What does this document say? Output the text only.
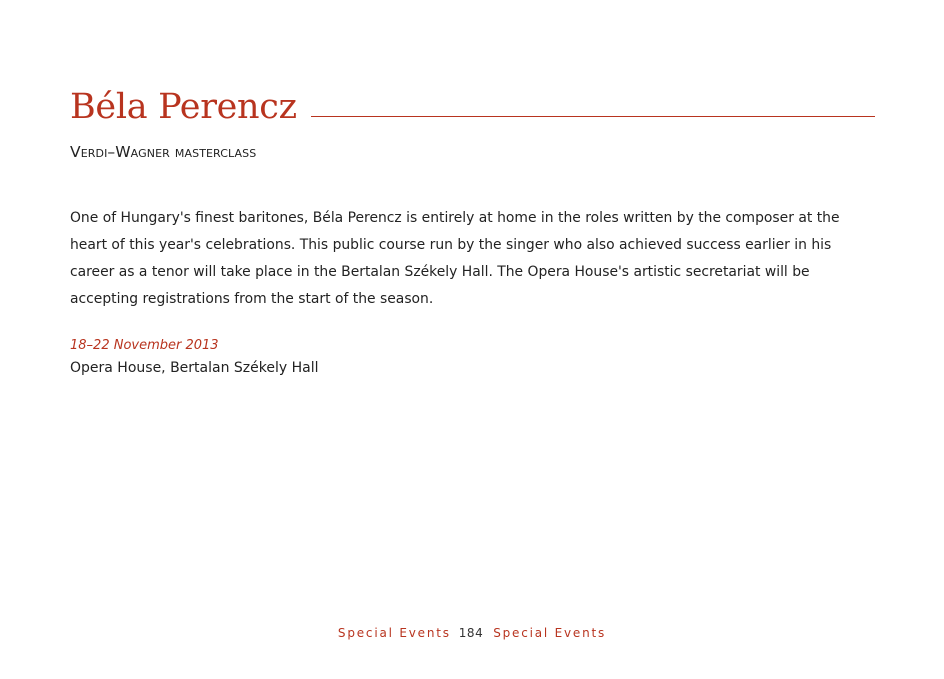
Béla Perencz
Verdi–Wagner masterclass

One of Hungary's finest baritones, Béla Perencz is entirely at home in the roles written by the composer at the heart of this year's celebrations. This public course run by the singer who also achieved success earlier in his career as a tenor will take place in the Bertalan Székely Hall. The Opera House's artistic secretariat will be accepting registrations from the start of the season.

18–22 November 2013
Opera House, Bertalan Székely Hall
Special Events 184 Special Events
